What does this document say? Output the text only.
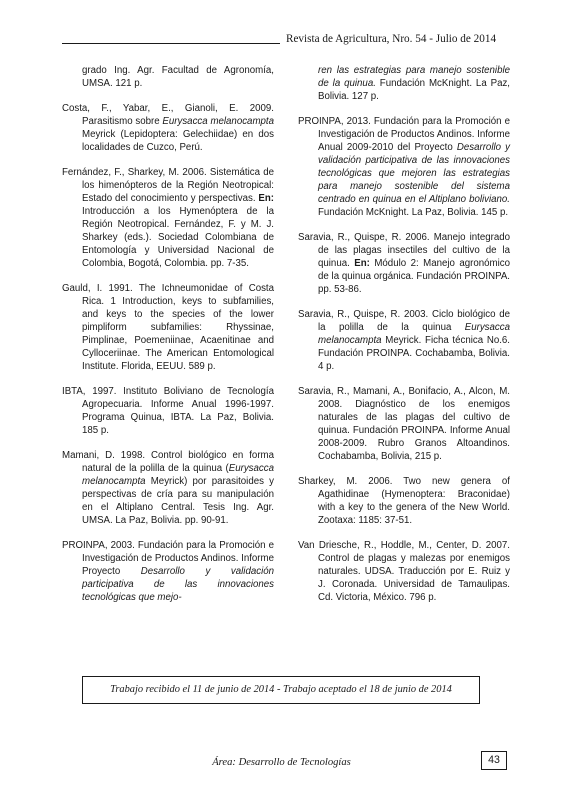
Revista de Agricultura, Nro. 54 - Julio de 2014

grado Ing. Agr. Facultad de Agronomía, UMSA. 121 p.

Costa, F., Yabar, E., Gianoli, E. 2009. Parasitismo sobre Eurysacca melanocampta Meyrick (Lepidoptera: Gelechiidae) en dos localidades de Cuzco, Perú.

Fernández, F., Sharkey, M. 2006. Sistemática de los himenópteros de la Región Neotropical: Estado del conocimiento y perspectivas. En: Introducción a los Hymenóptera de la Región Neotropical. Fernández, F. y M. J. Sharkey (eds.). Sociedad Colombiana de Entomología y Universidad Nacional de Colombia, Bogotá, Colombia. pp. 7-35.

Gauld, I. 1991. The Ichneumonidae of Costa Rica. 1 Introduction, keys to subfamilies, and keys to the species of the lower pimpliform subfamilies: Rhyssinae, Pimplinae, Poemeniinae, Acaenitinae and Cylloceriinae. The American Entomological Institute. Florida, EEUU. 589 p.

IBTA, 1997. Instituto Boliviano de Tecnología Agropecuaria. Informe Anual 1996-1997. Programa Quinua, IBTA. La Paz, Bolivia. 185 p.

Mamani, D. 1998. Control biológico en forma natural de la polilla de la quinua (Eurysacca melanocampta Meyrick) por parasitoides y perspectivas de cría para su manipulación en el Altiplano Central. Tesis Ing. Agr. UMSA. La Paz, Bolivia. pp. 90-91.

PROINPA, 2003. Fundación para la Promoción e Investigación de Productos Andinos. Informe Proyecto Desarrollo y validación participativa de las innovaciones tecnológicas que mejo-

ren las estrategias para manejo sostenible de la quinua. Fundación McKnight. La Paz, Bolivia. 127 p.

PROINPA, 2013. Fundación para la Promoción e Investigación de Productos Andinos. Informe Anual 2009-2010 del Proyecto Desarrollo y validación participativa de las innovaciones tecnológicas que mejoren las estrategias para manejo sostenible del sistema centrado en quinua en el Altiplano boliviano. Fundación McKnight. La Paz, Bolivia. 145 p.

Saravia, R., Quispe, R. 2006. Manejo integrado de las plagas insectiles del cultivo de la quinua. En: Módulo 2: Manejo agronómico de la quinua orgánica. Fundación PROINPA. pp. 53-86.

Saravia, R., Quispe, R. 2003. Ciclo biológico de la polilla de la quinua Eurysacca melanocampta Meyrick. Ficha técnica No.6. Fundación PROINPA. Cochabamba, Bolivia. 4 p.

Saravia, R., Mamani, A., Bonifacio, A., Alcon, M. 2008. Diagnóstico de los enemigos naturales de las plagas del cultivo de quinua. Fundación PROINPA. Informe Anual 2008-2009. Rubro Granos Altoandinos. Cochabamba, Bolivia, 215 p.

Sharkey, M. 2006. Two new genera of Agathidinae (Hymenoptera: Braconidae) with a key to the genera of the New World. Zootaxa: 1185: 37-51.

Van Driesche, R., Hoddle, M., Center, D. 2007. Control de plagas y malezas por enemigos naturales. UDSA. Traducción por E. Ruiz y J. Coronada. Universidad de Tamaulipas. Cd. Victoria, México. 796 p.

Trabajo recibido el 11 de junio de 2014 - Trabajo aceptado el 18 de junio de 2014
Área: Desarrollo de Tecnologías	43
